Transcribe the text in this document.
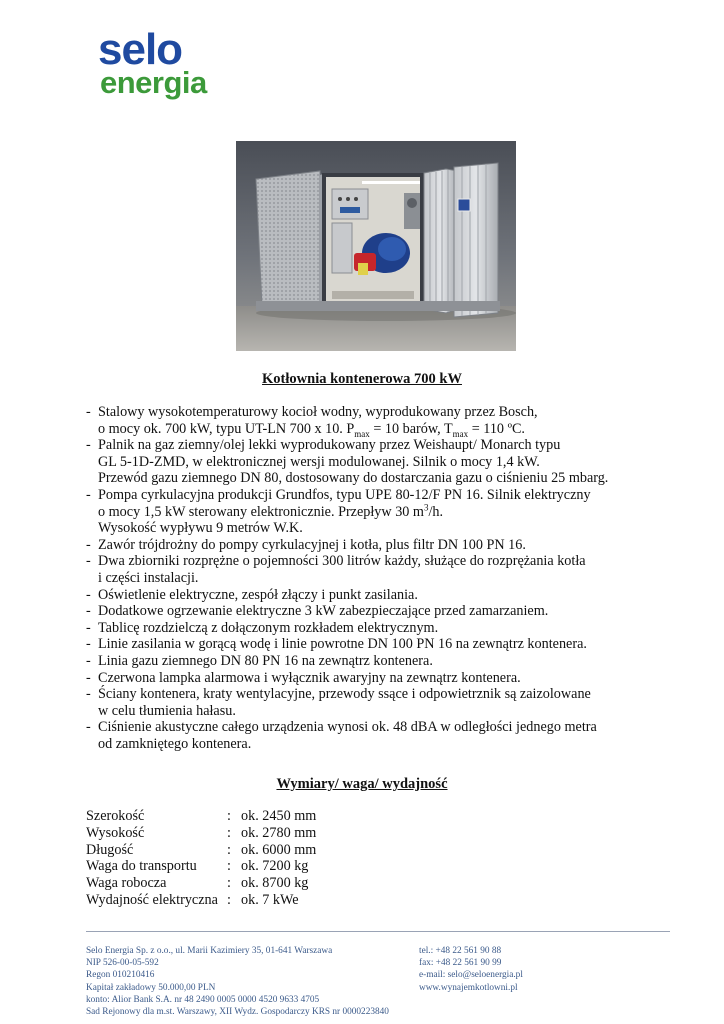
selo
energia
Kotłownia kontenerowa 700 kW
- Stalowy wysokotemperaturowy kocioł wodny, wyprodukowany przez Bosch,
o mocy ok. 700 kW, typu UT-LN 700 x 10. $P_{max} = 10$ barów, $T_{max} = 110$ ºC.
- Palnik na gaz ziemny/olej lekki wyprodukowany przez Weishaupt/ Monarch typu
GL 5-1D-ZMD, w elektronicznej wersji modulowanej. Silnik o mocy 1,4 kW.
Przewód gazu ziemnego DN 80, dostosowany do dostarczania gazu o ciśnieniu 25 mbarg.
- Pompa cyrkulacyjna produkcji Grundfos, typu UPE 80-12/F PN 16. Silnik elektryczny
o mocy 1,5 kW sterowany elektronicznie. Przepływ 30 $m^3/h$.
Wysokość wypływu 9 metrów W.K.
- Zawór trójdrożny do pompy cyrkulacyjnej i kotła, plus filtr DN 100 PN 16.
- Dwa zbiorniki rozprężne o pojemności 300 litrów każdy, służące do rozprężania kotła
i części instalacji.
- Oświetlenie elektryczne, zespół złączy i punkt zasilania.
- Dodatkowe ogrzewanie elektryczne 3 kW zabezpieczające przed zamarzaniem.
- Tablicę rozdzielczą z dołączonym rozkładem elektrycznym.
- Linie zasilania w gorącą wodę i linie powrotne DN 100 PN 16 na zewnątrz kontenera.
- Linia gazu ziemnego DN 80 PN 16 na zewnątrz kontenera.
- Czerwona lampka alarmowa i wyłącznik awaryjny na zewnątrz kontenera.
- Ściany kontenera, kraty wentylacyjne, przewody ssące i odpowietrznik są zaizolowane
w celu tłumienia hałasu.
- Ciśnienie akustyczne całego urządzenia wynosi ok. 48 dBA w odległości jednego metra
od zamkniętego kontenera.
Wymiary/ waga/ wydajność
Szerokość	: ok. 2450 mm
Wysokość	: ok. 2780 mm
Długość	: ok. 6000 mm
Waga do transportu : ok. 7200 kg
Waga robocza	: ok. 8700 kg
Wydajność elektryczna : ok. 7 kWe
Selo Energia Sp. z o.o., ul. Marii Kazimiery 35, 01-641 Warszawa
NIP 526-00-05-592
Regon 010210416
Kapitał zakładowy 50.000,00 PLN
konto: Alior Bank S.A. nr 48 2490 0005 0000 4520 9633 4705
Sad Rejonowy dla m.st. Warszawy, XII Wydz. Gospodarczy KRS nr 0000223840
tel.: +48 22 561 90 88
fax: +48 22 561 90 99
e-mail: selo@seloenergia.pl
www.wynajemkotlowni.pl
